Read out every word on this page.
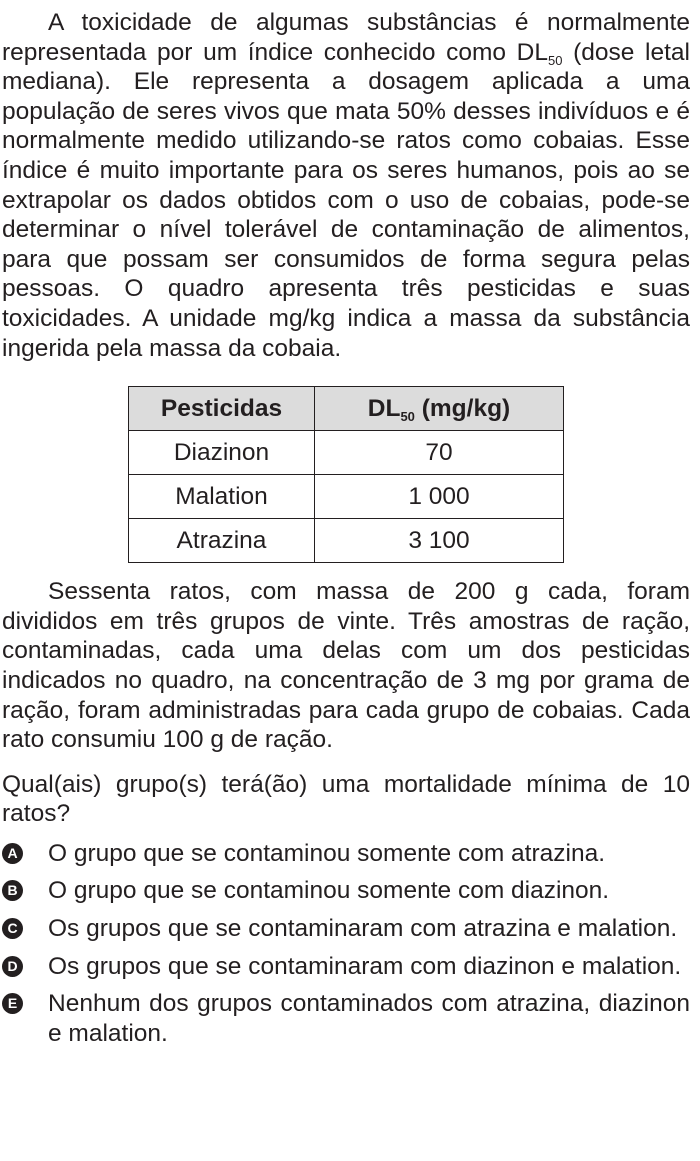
A toxicidade de algumas substâncias é normalmente representada por um índice conhecido como $DL_{50}$ (dose letal mediana). Ele representa a dosagem aplicada a uma população de seres vivos que mata 50% desses indivíduos e é normalmente medido utilizando-se ratos como cobaias. Esse índice é muito importante para os seres humanos, pois ao se extrapolar os dados obtidos com o uso de cobaias, pode-se determinar o nível tolerável de contaminação de alimentos, para que possam ser consumidos de forma segura pelas pessoas. O quadro apresenta três pesticidas e suas toxicidades. A unidade mg/kg indica a massa da substância ingerida pela massa da cobaia.

Pesticidas	$DL_{50}$ (mg/kg)
Diazinon	70
Malation	1 000
Atrazina	3 100

Sessenta ratos, com massa de 200 g cada, foram divididos em três grupos de vinte. Três amostras de ração, contaminadas, cada uma delas com um dos pesticidas indicados no quadro, na concentração de 3 mg por grama de ração, foram administradas para cada grupo de cobaias. Cada rato consumiu 100 g de ração.

Qual(ais) grupo(s) terá(ão) uma mortalidade mínima de 10 ratos?

A O grupo que se contaminou somente com atrazina.
B O grupo que se contaminou somente com diazinon.
C Os grupos que se contaminaram com atrazina e malation.
D Os grupos que se contaminaram com diazinon e malation.
E Nenhum dos grupos contaminados com atrazina, diazinon e malation.
